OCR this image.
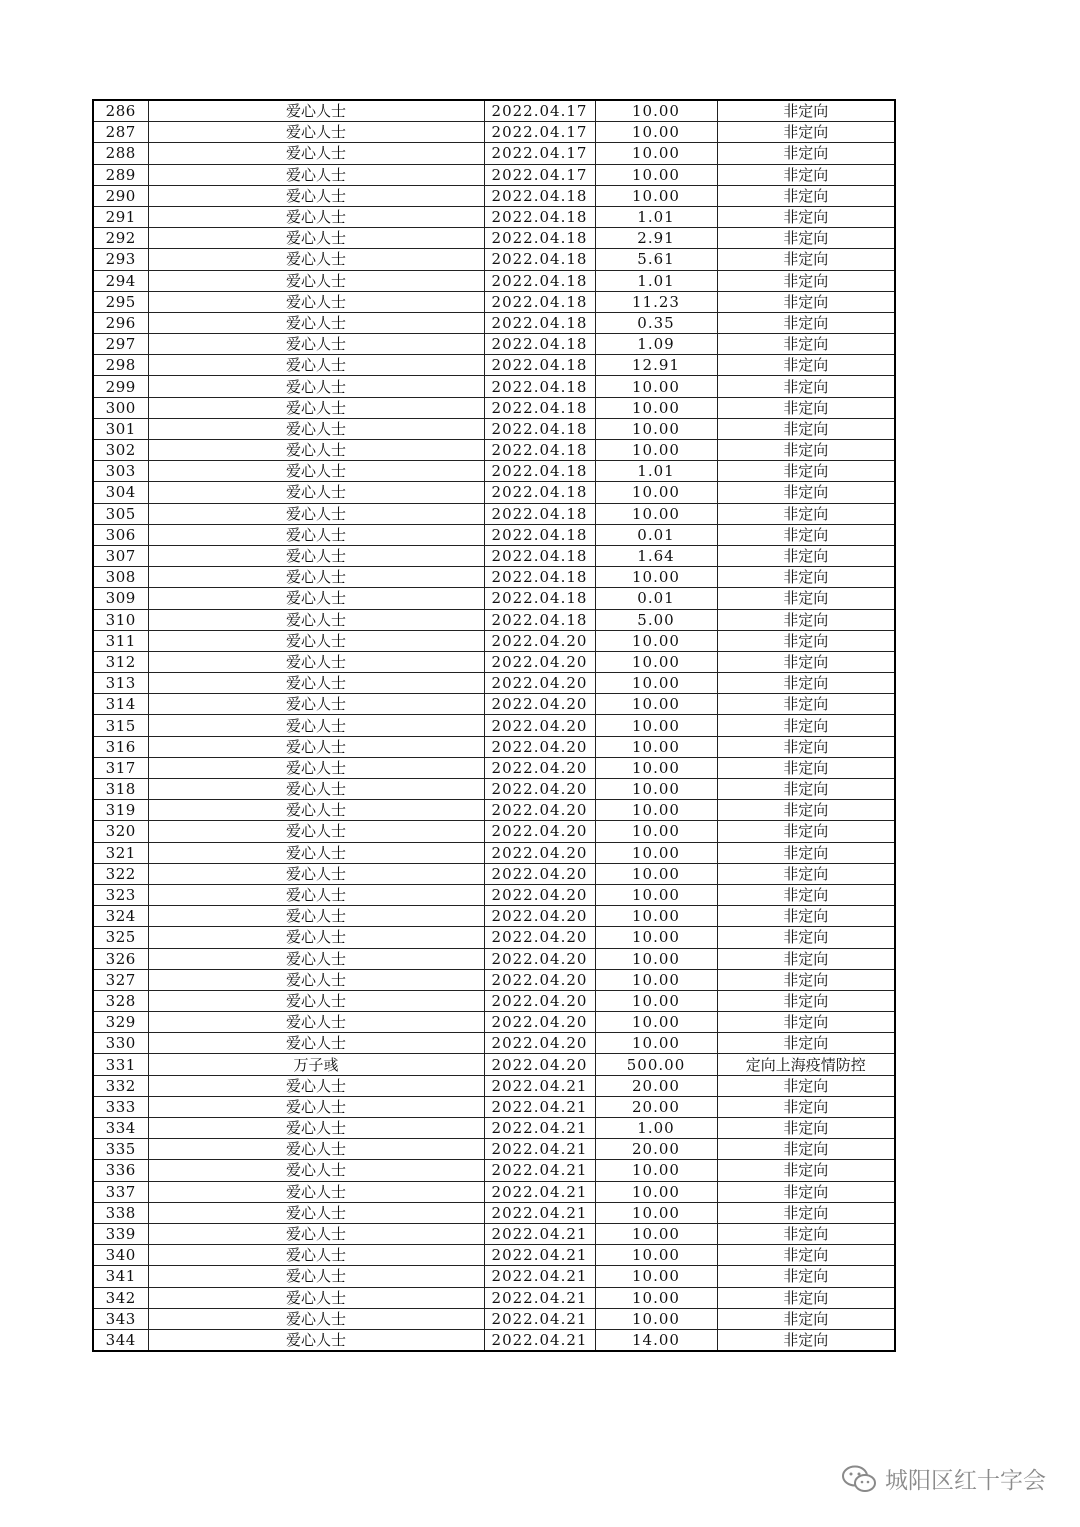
286	爱心人士	2022.04.17	10.00	非定向
287	爱心人士	2022.04.17	10.00	非定向
288	爱心人士	2022.04.17	10.00	非定向
289	爱心人士	2022.04.17	10.00	非定向
290	爱心人士	2022.04.18	10.00	非定向
291	爱心人士	2022.04.18	1.01	非定向
292	爱心人士	2022.04.18	2.91	非定向
293	爱心人士	2022.04.18	5.61	非定向
294	爱心人士	2022.04.18	1.01	非定向
295	爱心人士	2022.04.18	11.23	非定向
296	爱心人士	2022.04.18	0.35	非定向
297	爱心人士	2022.04.18	1.09	非定向
298	爱心人士	2022.04.18	12.91	非定向
299	爱心人士	2022.04.18	10.00	非定向
300	爱心人士	2022.04.18	10.00	非定向
301	爱心人士	2022.04.18	10.00	非定向
302	爱心人士	2022.04.18	10.00	非定向
303	爱心人士	2022.04.18	1.01	非定向
304	爱心人士	2022.04.18	10.00	非定向
305	爱心人士	2022.04.18	10.00	非定向
306	爱心人士	2022.04.18	0.01	非定向
307	爱心人士	2022.04.18	1.64	非定向
308	爱心人士	2022.04.18	10.00	非定向
309	爱心人士	2022.04.18	0.01	非定向
310	爱心人士	2022.04.18	5.00	非定向
311	爱心人士	2022.04.20	10.00	非定向
312	爱心人士	2022.04.20	10.00	非定向
313	爱心人士	2022.04.20	10.00	非定向
314	爱心人士	2022.04.20	10.00	非定向
315	爱心人士	2022.04.20	10.00	非定向
316	爱心人士	2022.04.20	10.00	非定向
317	爱心人士	2022.04.20	10.00	非定向
318	爱心人士	2022.04.20	10.00	非定向
319	爱心人士	2022.04.20	10.00	非定向
320	爱心人士	2022.04.20	10.00	非定向
321	爱心人士	2022.04.20	10.00	非定向
322	爱心人士	2022.04.20	10.00	非定向
323	爱心人士	2022.04.20	10.00	非定向
324	爱心人士	2022.04.20	10.00	非定向
325	爱心人士	2022.04.20	10.00	非定向
326	爱心人士	2022.04.20	10.00	非定向
327	爱心人士	2022.04.20	10.00	非定向
328	爱心人士	2022.04.20	10.00	非定向
329	爱心人士	2022.04.20	10.00	非定向
330	爱心人士	2022.04.20	10.00	非定向
331	万子彧	2022.04.20	500.00	定向上海疫情防控
332	爱心人士	2022.04.21	20.00	非定向
333	爱心人士	2022.04.21	20.00	非定向
334	爱心人士	2022.04.21	1.00	非定向
335	爱心人士	2022.04.21	20.00	非定向
336	爱心人士	2022.04.21	10.00	非定向
337	爱心人士	2022.04.21	10.00	非定向
338	爱心人士	2022.04.21	10.00	非定向
339	爱心人士	2022.04.21	10.00	非定向
340	爱心人士	2022.04.21	10.00	非定向
341	爱心人士	2022.04.21	10.00	非定向
342	爱心人士	2022.04.21	10.00	非定向
343	爱心人士	2022.04.21	10.00	非定向
344	爱心人士	2022.04.21	14.00	非定向
城阳区红十字会
